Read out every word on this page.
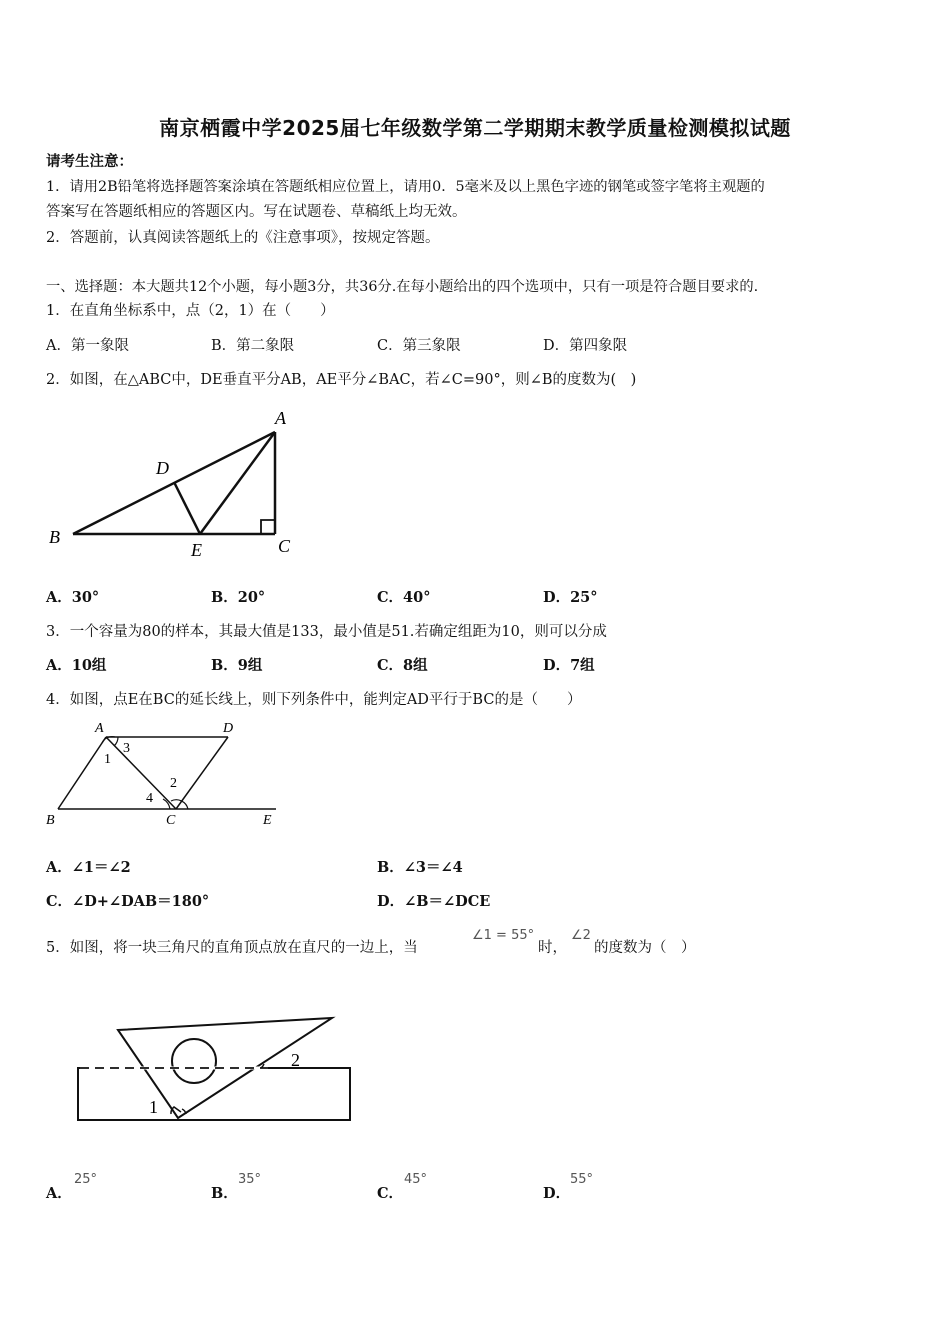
南京栖霞中学2025届七年级数学第二学期期末教学质量检测模拟试题
请考生注意：
1．请用2B铅笔将选择题答案涂填在答题纸相应位置上，请用0．5毫米及以上黑色字迹的钢笔或签字笔将主观题的
答案写在答题纸相应的答题区内。写在试题卷、草稿纸上均无效。
2．答题前，认真阅读答题纸上的《注意事项》，按规定答题。
一、选择题：本大题共12个小题，每小题3分，共36分.在每小题给出的四个选项中，只有一项是符合题目要求的.
1．在直角坐标系中，点（2，1）在（　　）
A．第一象限	B．第二象限	C．第三象限	D．第四象限
2．如图，在△ABC中，DE垂直平分AB，AE平分∠BAC，若∠C=90°，则∠B的度数为(　)
A
B	C
D
E
A．30°	B．20°	C．40°	D．25°
3．一个容量为80的样本，其最大值是133，最小值是51.若确定组距为10，则可以分成
A．10组	B．9组	C．8组	D．7组
4．如图，点E在BC的延长线上，则下列条件中，能判定AD平行于BC的是（　　）
A	D
B	C	E
1
3
2
4
A．∠1＝∠2	B．∠3＝∠4
C．∠D+∠DAB＝180°	D．∠B＝∠DCE
5．如图，将一块三角尺的直角顶点放在直尺的一边上，当
∠1 = 55°
时，
∠2
的度数为（　）
2
1
A．
25°
B．
35°
C．
45°
D．
55°
